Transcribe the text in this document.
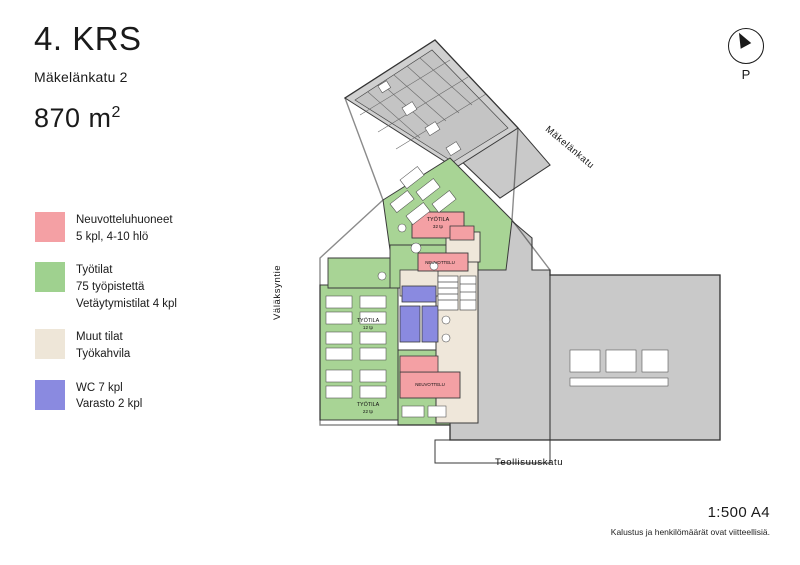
4. KRS
Mäkelänkatu 2
870 $m^2$
Neuvotteluhuoneet
5 kpl, 4-10 hlö
Työtilat
75 työpistettä
Vetäytymistilat 4 kpl
Muut tilat
Työkahvila
WC 7 kpl
Varasto 2 kpl
P
1:500 A4
Kalustus ja henkilömäärät ovat viitteellisiä.
TYÖTILA
32 tp
TYÖTILA
12 tp
TYÖTILA
22 tp
NEUVOTTELU
NEUVOTTELU
Mäkelänkatu
Väläksyntie
Teollisuuskatu
